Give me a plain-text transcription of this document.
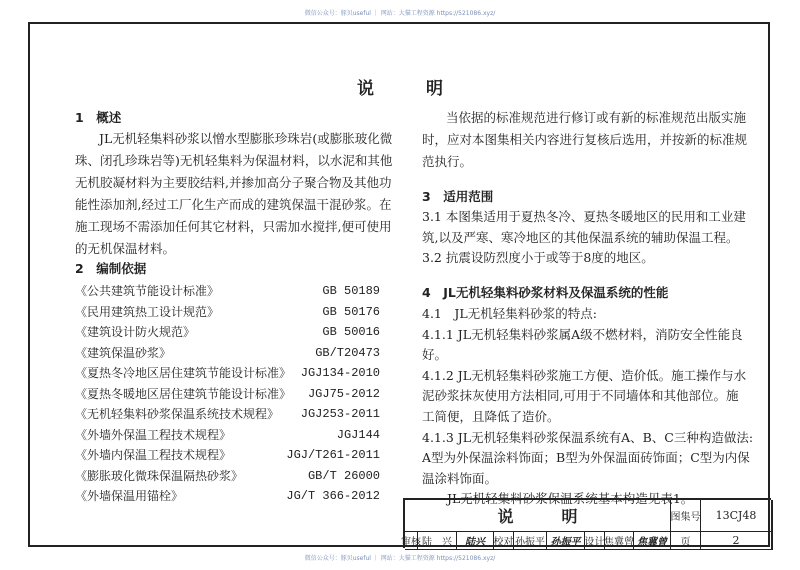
微信公众号：豚贝useful ｜ 网站：大猫工程资源 https://521086.xyz/
说	明
1　概述
JL无机轻集料砂浆以憎水型膨胀珍珠岩(或膨胀玻化微
珠、闭孔珍珠岩等)无机轻集料为保温材料，以水泥和其他
无机胶凝材料为主要胶结料,并掺加高分子聚合物及其他功
能性添加剂,经过工厂化生产而成的建筑保温干混砂浆。在
施工现场不需添加任何其它材料，只需加水搅拌,便可使用
的无机保温材料。
2　编制依据
《公共建筑节能设计标准》	GB 50189
《民用建筑热工设计规范》	GB 50176
《建筑设计防火规范》	GB 50016
《建筑保温砂浆》	GB/T20473
《夏热冬冷地区居住建筑节能设计标准》 JGJ134-2010
《夏热冬暖地区居住建筑节能设计标准》 JGJ75-2012
《无机轻集料砂浆保温系统技术规程》 JGJ253-2011
《外墙外保温工程技术规程》	JGJ144
《外墙内保温工程技术规程》	JGJ/T261-2011
《膨胀玻化微珠保温隔热砂浆》	GB/T 26000
《外墙保温用锚栓》	JG/T 366-2012
当依据的标准规范进行修订或有新的标准规范出版实施
时，应对本图集相关内容进行复核后选用，并按新的标准规
范执行。
3　适用范围
3.1 本图集适用于夏热冬冷、夏热冬暖地区的民用和工业建
筑,以及严寒、寒冷地区的其他保温系统的辅助保温工程。
3.2 抗震设防烈度小于或等于8度的地区。
4　JL无机轻集料砂浆材料及保温系统的性能
4.1　JL无机轻集料砂浆的特点:
4.1.1 JL无机轻集料砂浆属A级不燃材料，消防安全性能良
好。
4.1.2 JL无机轻集料砂浆施工方便、造价低。施工操作与水
泥砂浆抹灰使用方法相同,可用于不同墙体和其他部位。施
工简便，且降低了造价。
4.1.3 JL无机轻集料砂浆保温系统有A、B、C三种构造做法:
A型为外保温涂料饰面；B型为外保温面砖饰面；C型为内保
温涂料饰面。
　　JL无机轻集料砂浆保温系统基本构造见表1。
说　　　明	图集号	13CJ48
审核 陆　兴	陆兴 校对 孙振平 孙振平 设计 焦冀曾 焦冀曾	页	2
微信公众号：豚贝useful ｜ 网站：大猫工程资源 https://521086.xyz/
